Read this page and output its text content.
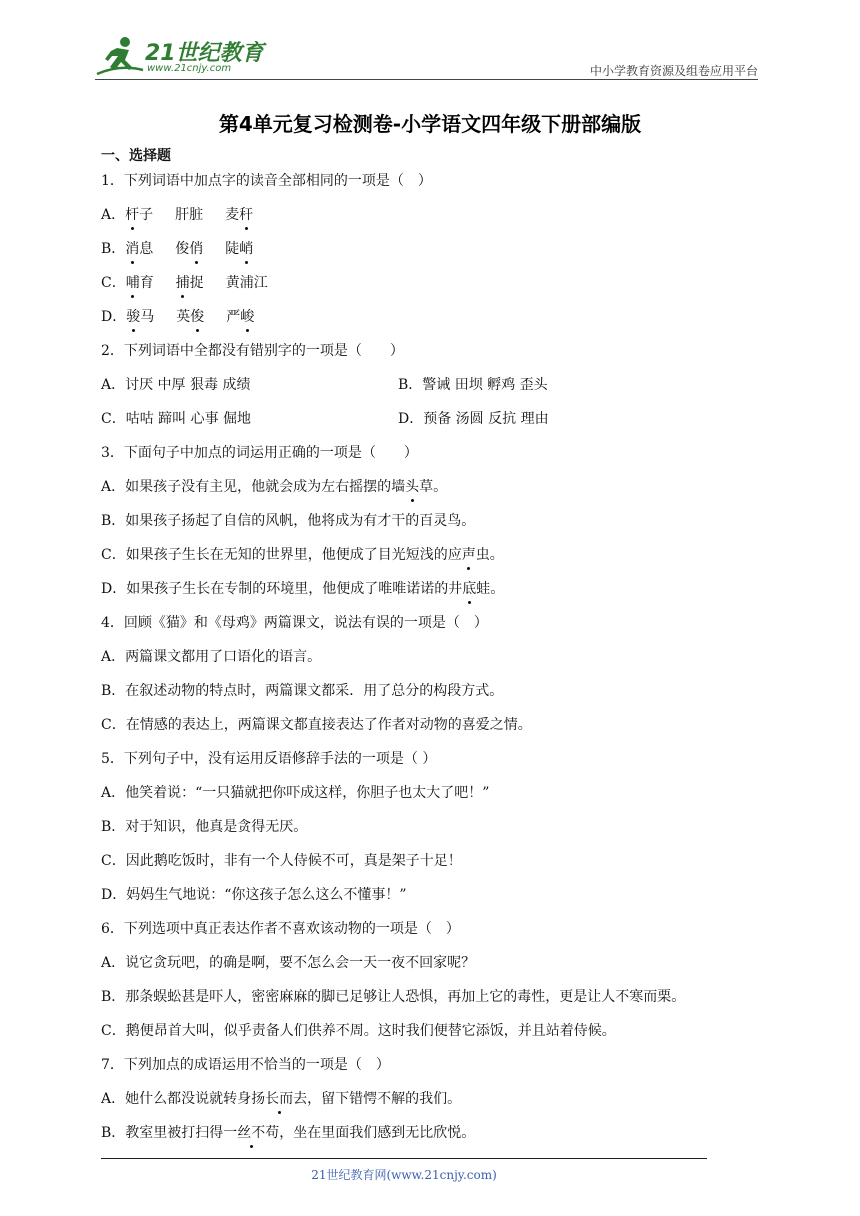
21世纪教育
www.21cnjy.com	中小学教育资源及组卷应用平台
第4单元复习检测卷-小学语文四年级下册部编版
一、选择题
1．下列词语中加点字的读音全部相同的一项是（　）
A．杆子 肝脏 麦秆
B．消息 俊俏 陡峭
C．哺育 捕捉 黄浦江
D．骏马 英俊 严峻
2．下列词语中全都没有错别字的一项是（　　）
A．讨厌 中厚 狠毒 成绩	B．警诫 田坝 孵鸡 歪头
C．咕咕 蹄叫 心事 倔地	D．预备 汤圆 反抗 理由
3．下面句子中加点的词运用正确的一项是（　　）
A．如果孩子没有主见，他就会成为左右摇摆的墙头草。
B．如果孩子扬起了自信的风帆，他将成为有才干的百灵鸟。
C．如果孩子生长在无知的世界里，他便成了目光短浅的应声虫。
D．如果孩子生长在专制的环境里，他便成了唯唯诺诺的井底蛙。
4．回顾《猫》和《母鸡》两篇课文，说法有误的一项是（　）
A．两篇课文都用了口语化的语言。
B．在叙述动物的特点时，两篇课文都采．用了总分的构段方式。
C．在情感的表达上，两篇课文都直接表达了作者对动物的喜爱之情。
5．下列句子中，没有运用反语修辞手法的一项是（ ）
A．他笑着说：“一只猫就把你吓成这样，你胆子也太大了吧！”
B．对于知识，他真是贪得无厌。
C．因此鹅吃饭时，非有一个人侍候不可，真是架子十足！
D．妈妈生气地说：“你这孩子怎么这么不懂事！”
6．下列选项中真正表达作者不喜欢该动物的一项是（　）
A．说它贪玩吧，的确是啊，要不怎么会一天一夜不回家呢？
B．那条蜈蚣甚是吓人，密密麻麻的脚已足够让人恐惧，再加上它的毒性，更是让人不寒而栗。
C．鹅便昂首大叫，似乎责备人们供养不周。这时我们便替它添饭，并且站着侍候。
7．下列加点的成语运用不恰当的一项是（　）
A．她什么都没说就转身扬长而去，留下错愕不解的我们。
B．教室里被打扫得一丝不苟，坐在里面我们感到无比欣悦。
21世纪教育网(www.21cnjy.com)
